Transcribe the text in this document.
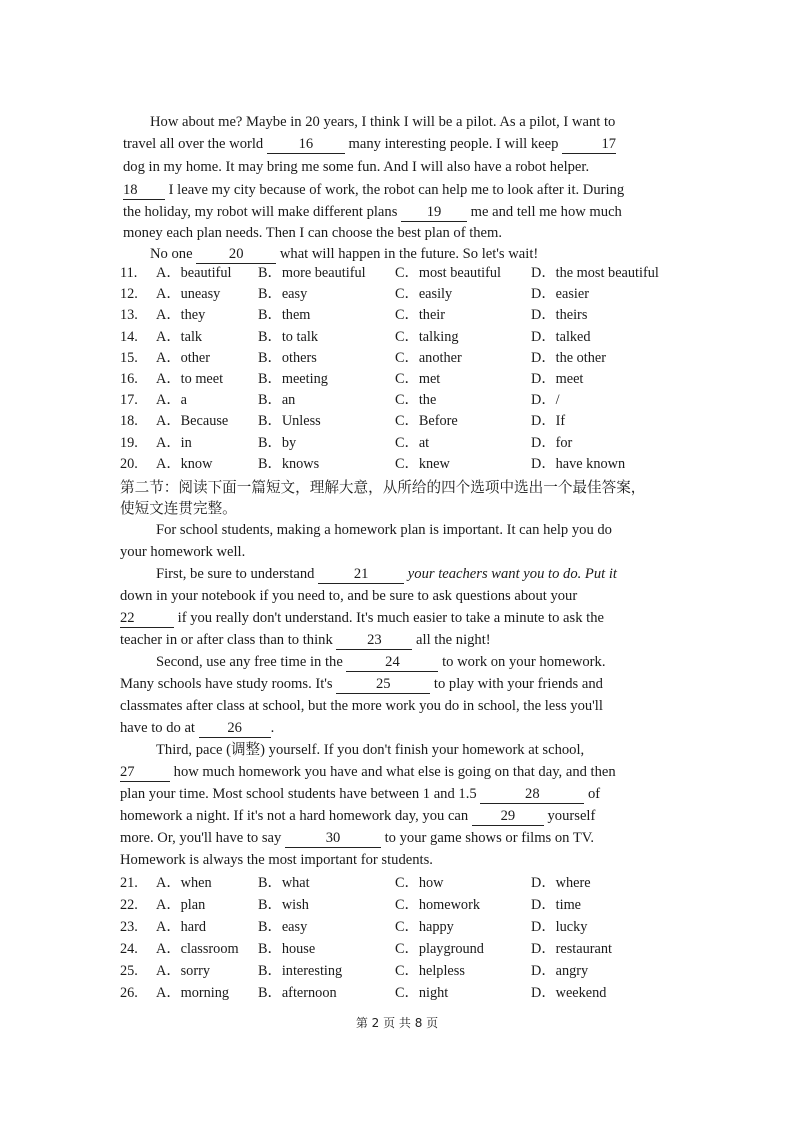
How about me? Maybe in 20 years, I think I will be a pilot. As a pilot, I want to
travel all over the world 16 many interesting people. I will keep	17
dog in my home. It may bring me some fun. And I will also have a robot helper.
18 I leave my city because of work, the robot can help me to look after it. During
the holiday, my robot will make different plans 19 me and tell me how much
money each plan needs. Then I can choose the best plan of them.
No one 20 what will happen in the future. So let's wait!
11.	A．beautiful	B．more beautiful	C．most beautiful	D．the most beautiful
12.	A．uneasy	B．easy	C．easily	D．easier
13.	A．they	B．them	C．their	D．theirs
14.	A．talk	B．to talk	C．talking	D．talked
15.	A．other	B．others	C．another	D．the other
16.	A．to meet	B．meeting	C．met	D．meet
17.	A．a	B．an	C．the	D．/
18.	A．Because	B．Unless	C．Before	D．If
19.	A．in	B．by	C．at	D．for
20.	A．know	B．knows	C．knew	D．have known
第二节：阅读下面一篇短文，理解大意，从所给的四个选项中选出一个最佳答案，
使短文连贯完整。
For school students, making a homework plan is important. It can help you do
your homework well.
First, be sure to understand 21 your teachers want you to do. Put it
down in your notebook if you need to, and be sure to ask questions about your
22	if you really don't understand. It's much easier to take a minute to ask the
teacher in or after class than to think 23 all the night!
Second, use any free time in the	24	to work on your homework.
Many schools have study rooms. It's	25	to play with your friends and
classmates after class at school, but the more work you do in school, the less you'll
have to do at 26 .
Third, pace (调整) yourself. If you don't finish your homework at school,
27 how much homework you have and what else is going on that day, and then
plan your time. Most school students have between 1 and 1.5	28	of
homework a night. If it's not a hard homework day, you can 29 yourself
more. Or, you'll have to say	30	to your game shows or films on TV.
Homework is always the most important for students.
21.	A．when	B．what	C．how	D．where
22.	A．plan	B．wish	C．homework	D．time
23.	A．hard	B．easy	C．happy	D．lucky
24.	A．classroom	B．house	C．playground	D．restaurant
25.	A．sorry	B．interesting	C．helpless	D．angry
26.	A．morning	B．afternoon	C．night	D．weekend
第 2 页 共 8 页
